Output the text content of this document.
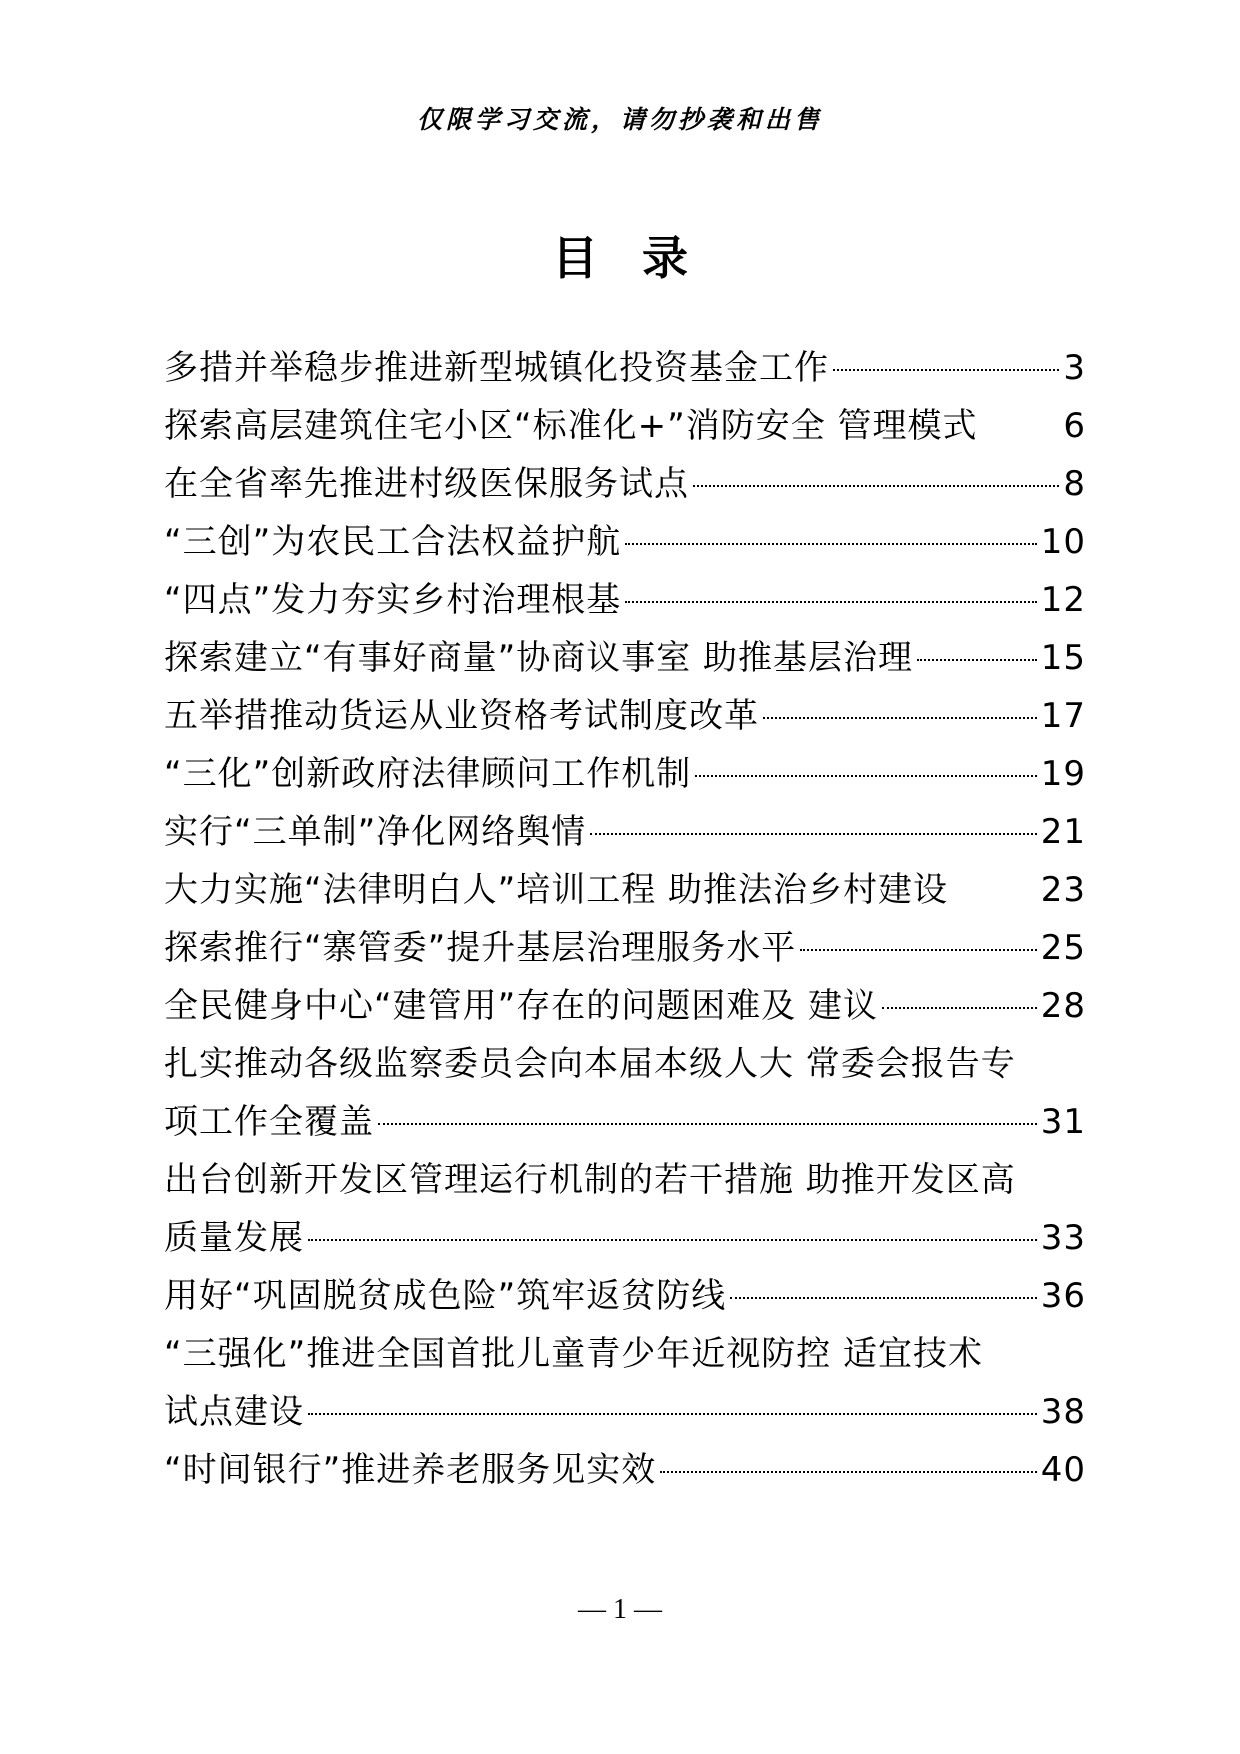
仅限学习交流，请勿抄袭和出售
目录
多措并举稳步推进新型城镇化投资基金工作	3
探索高层建筑住宅小区“标准化+”消防安全 管理模式	6
在全省率先推进村级医保服务试点	8
“三创”为农民工合法权益护航	10
“四点”发力夯实乡村治理根基	12
探索建立“有事好商量”协商议事室 助推基层治理	15
五举措推动货运从业资格考试制度改革	17
“三化”创新政府法律顾问工作机制	19
实行“三单制”净化网络舆情	21
大力实施“法律明白人”培训工程 助推法治乡村建设	23
探索推行“寨管委”提升基层治理服务水平	25
全民健身中心“建管用”存在的问题困难及 建议	28
扎实推动各级监察委员会向本届本级人大 常委会报告专
项工作全覆盖	31
出台创新开发区管理运行机制的若干措施 助推开发区高
质量发展	33
用好“巩固脱贫成色险”筑牢返贫防线	36
“三强化”推进全国首批儿童青少年近视防控 适宜技术
试点建设	38
“时间银行”推进养老服务见实效	40
— 1 —
